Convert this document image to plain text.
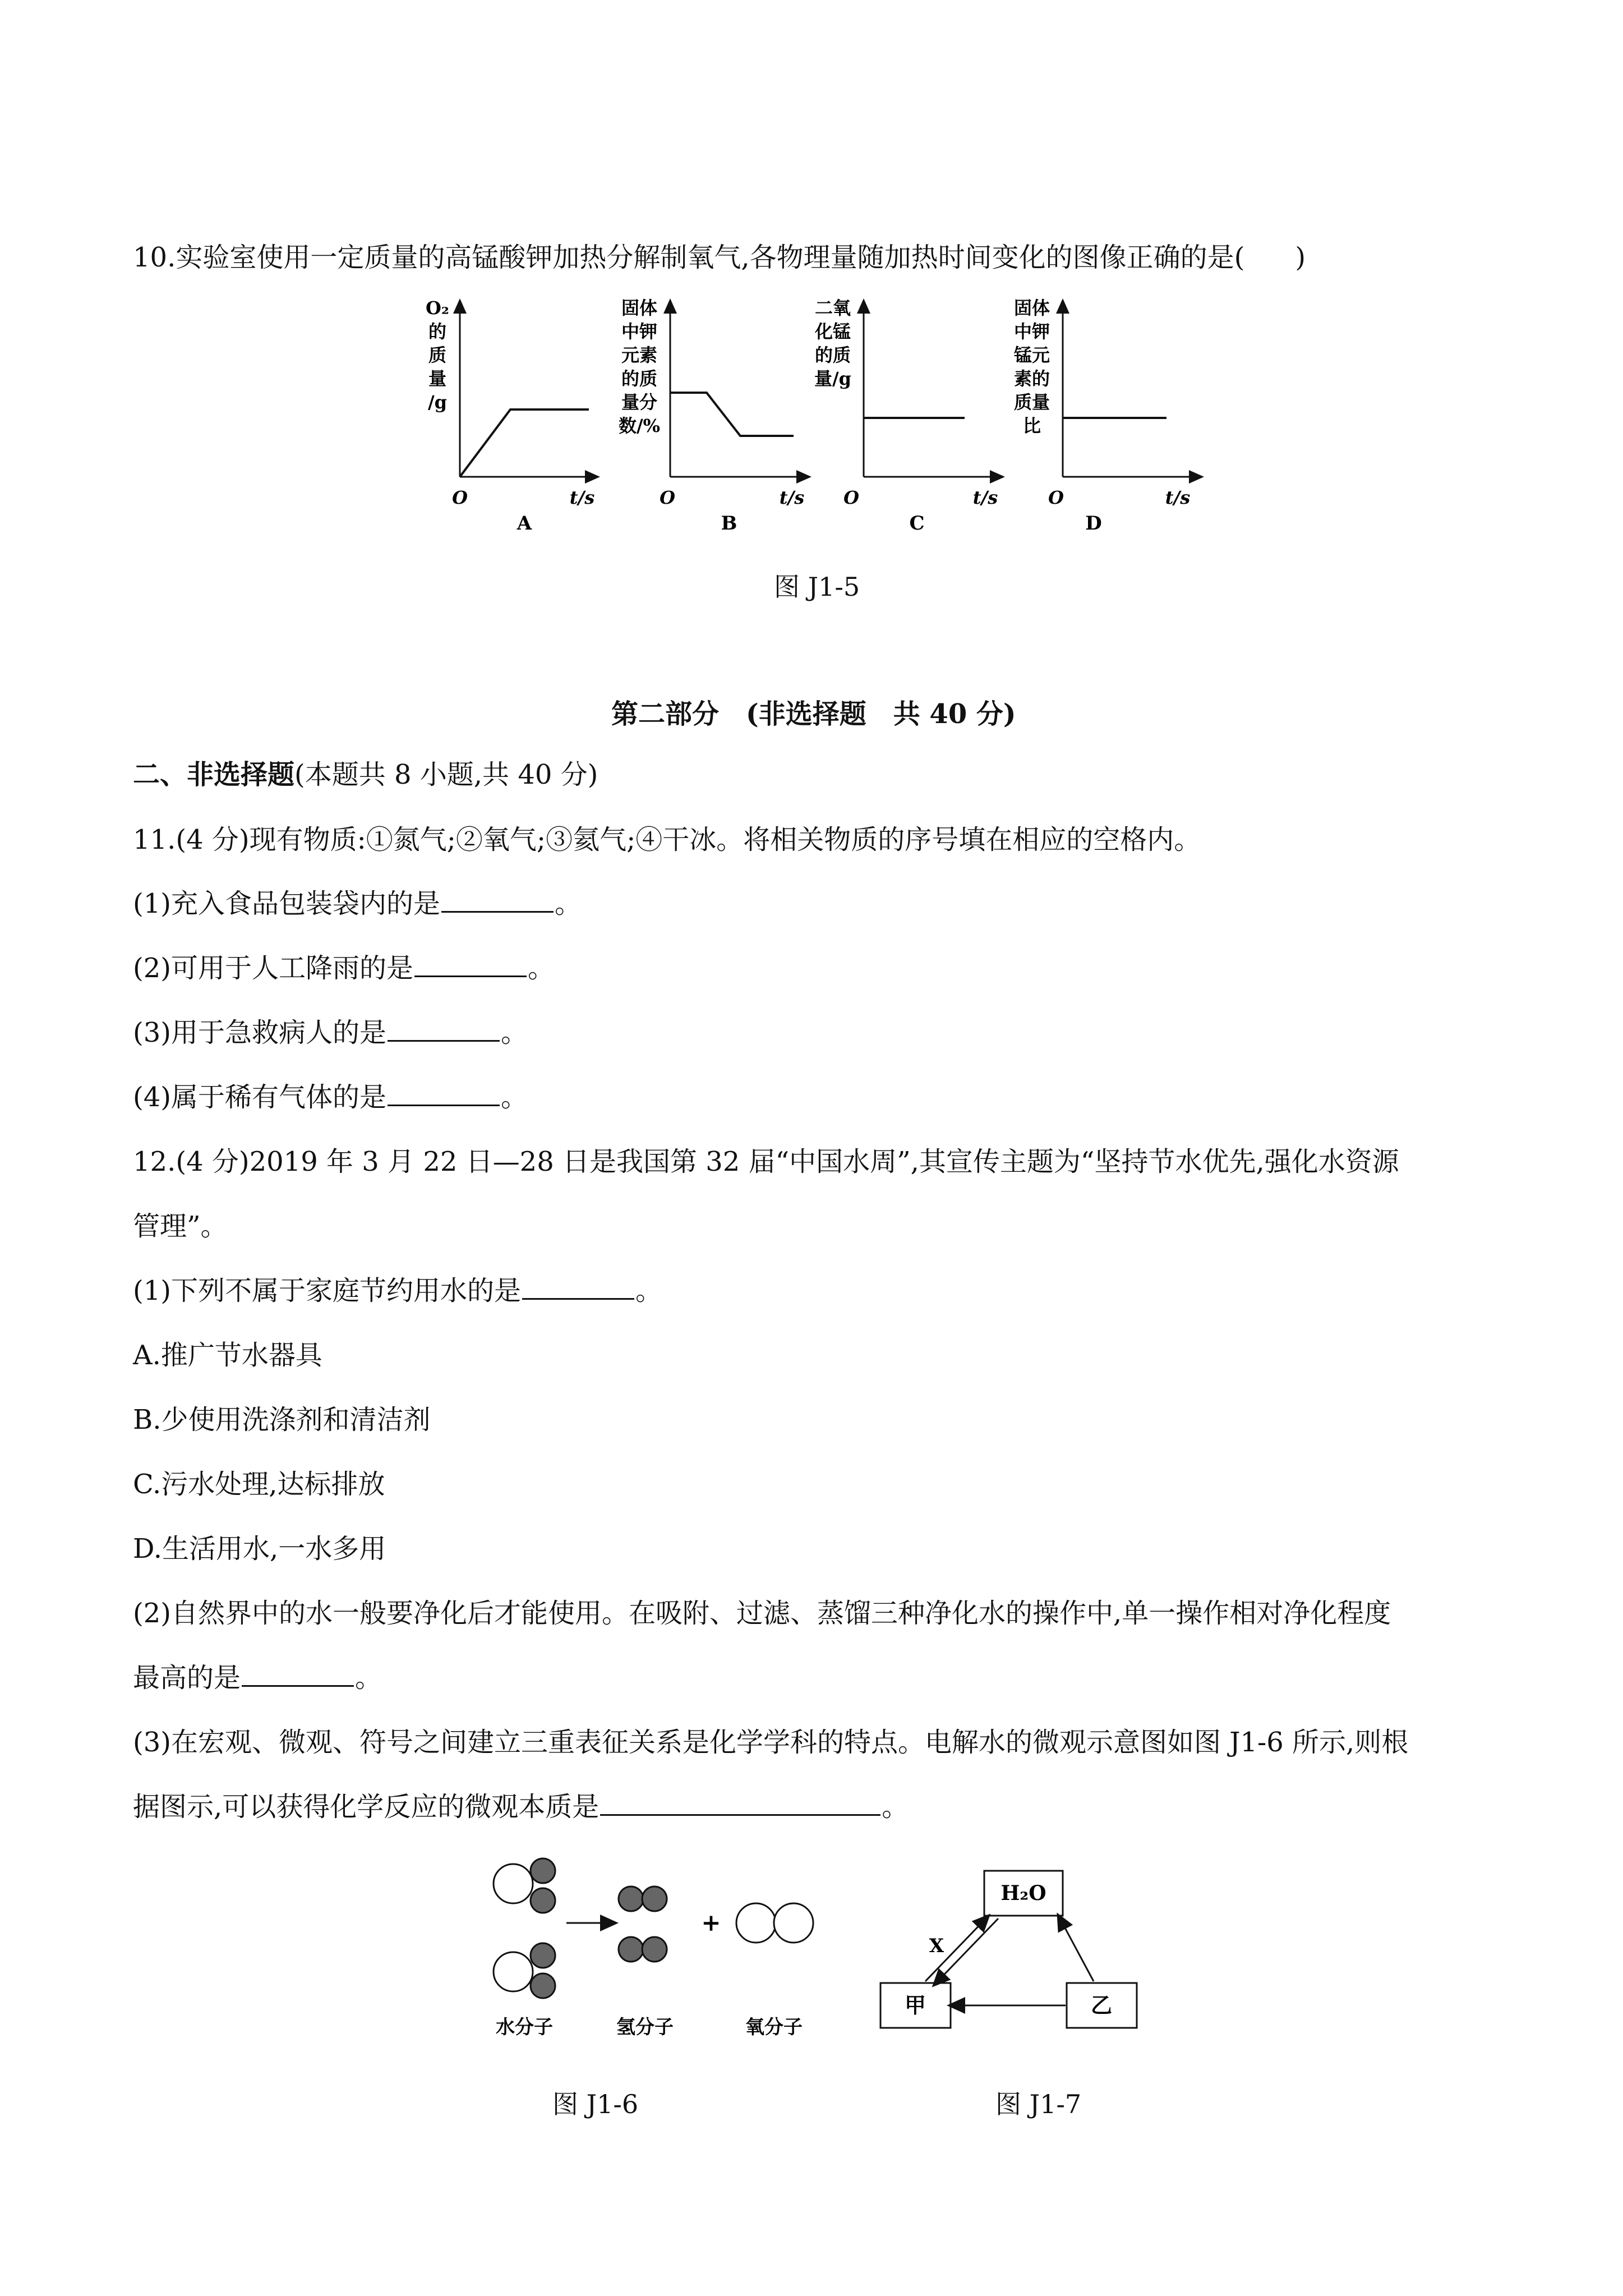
10.实验室使用一定质量的高锰酸钾加热分解制氧气,各物理量随加热时间变化的图像正确的是( )
O₂
的
质
量
/g
O	t/s
A
固体
中钾
元素
的质
量分
数/%
O	t/s
B
二氧
化锰
的质
量/g
O	t/s
C
固体
中钾
锰元
素的
质量
比
O	t/s
D
图 J1-5
第二部分　(非选择题　共 40 分)
二、非选择题(本题共 8 小题,共 40 分)
11.(4 分)现有物质:①氮气;②氧气;③氦气;④干冰。将相关物质的序号填在相应的空格内。
(1)充入食品包装袋内的是	。
(2)可用于人工降雨的是	。
(3)用于急救病人的是	。
(4)属于稀有气体的是	。
12.(4 分)2019 年 3 月 22 日—28 日是我国第 32 届“中国水周”,其宣传主题为“坚持节水优先,强化水资源
管理”。
(1)下列不属于家庭节约用水的是	。
A.推广节水器具
B.少使用洗涤剂和清洁剂
C.污水处理,达标排放
D.生活用水,一水多用
(2)自然界中的水一般要净化后才能使用。在吸附、过滤、蒸馏三种净化水的操作中,单一操作相对净化程度
最高的是	。
(3)在宏观、微观、符号之间建立三重表征关系是化学学科的特点。电解水的微观示意图如图 J1-6 所示,则根
据图示,可以获得化学反应的微观本质是	。
+
水分子	氢分子	氧分子
图 J1-6
H₂O
甲	乙
X
图 J1-7
